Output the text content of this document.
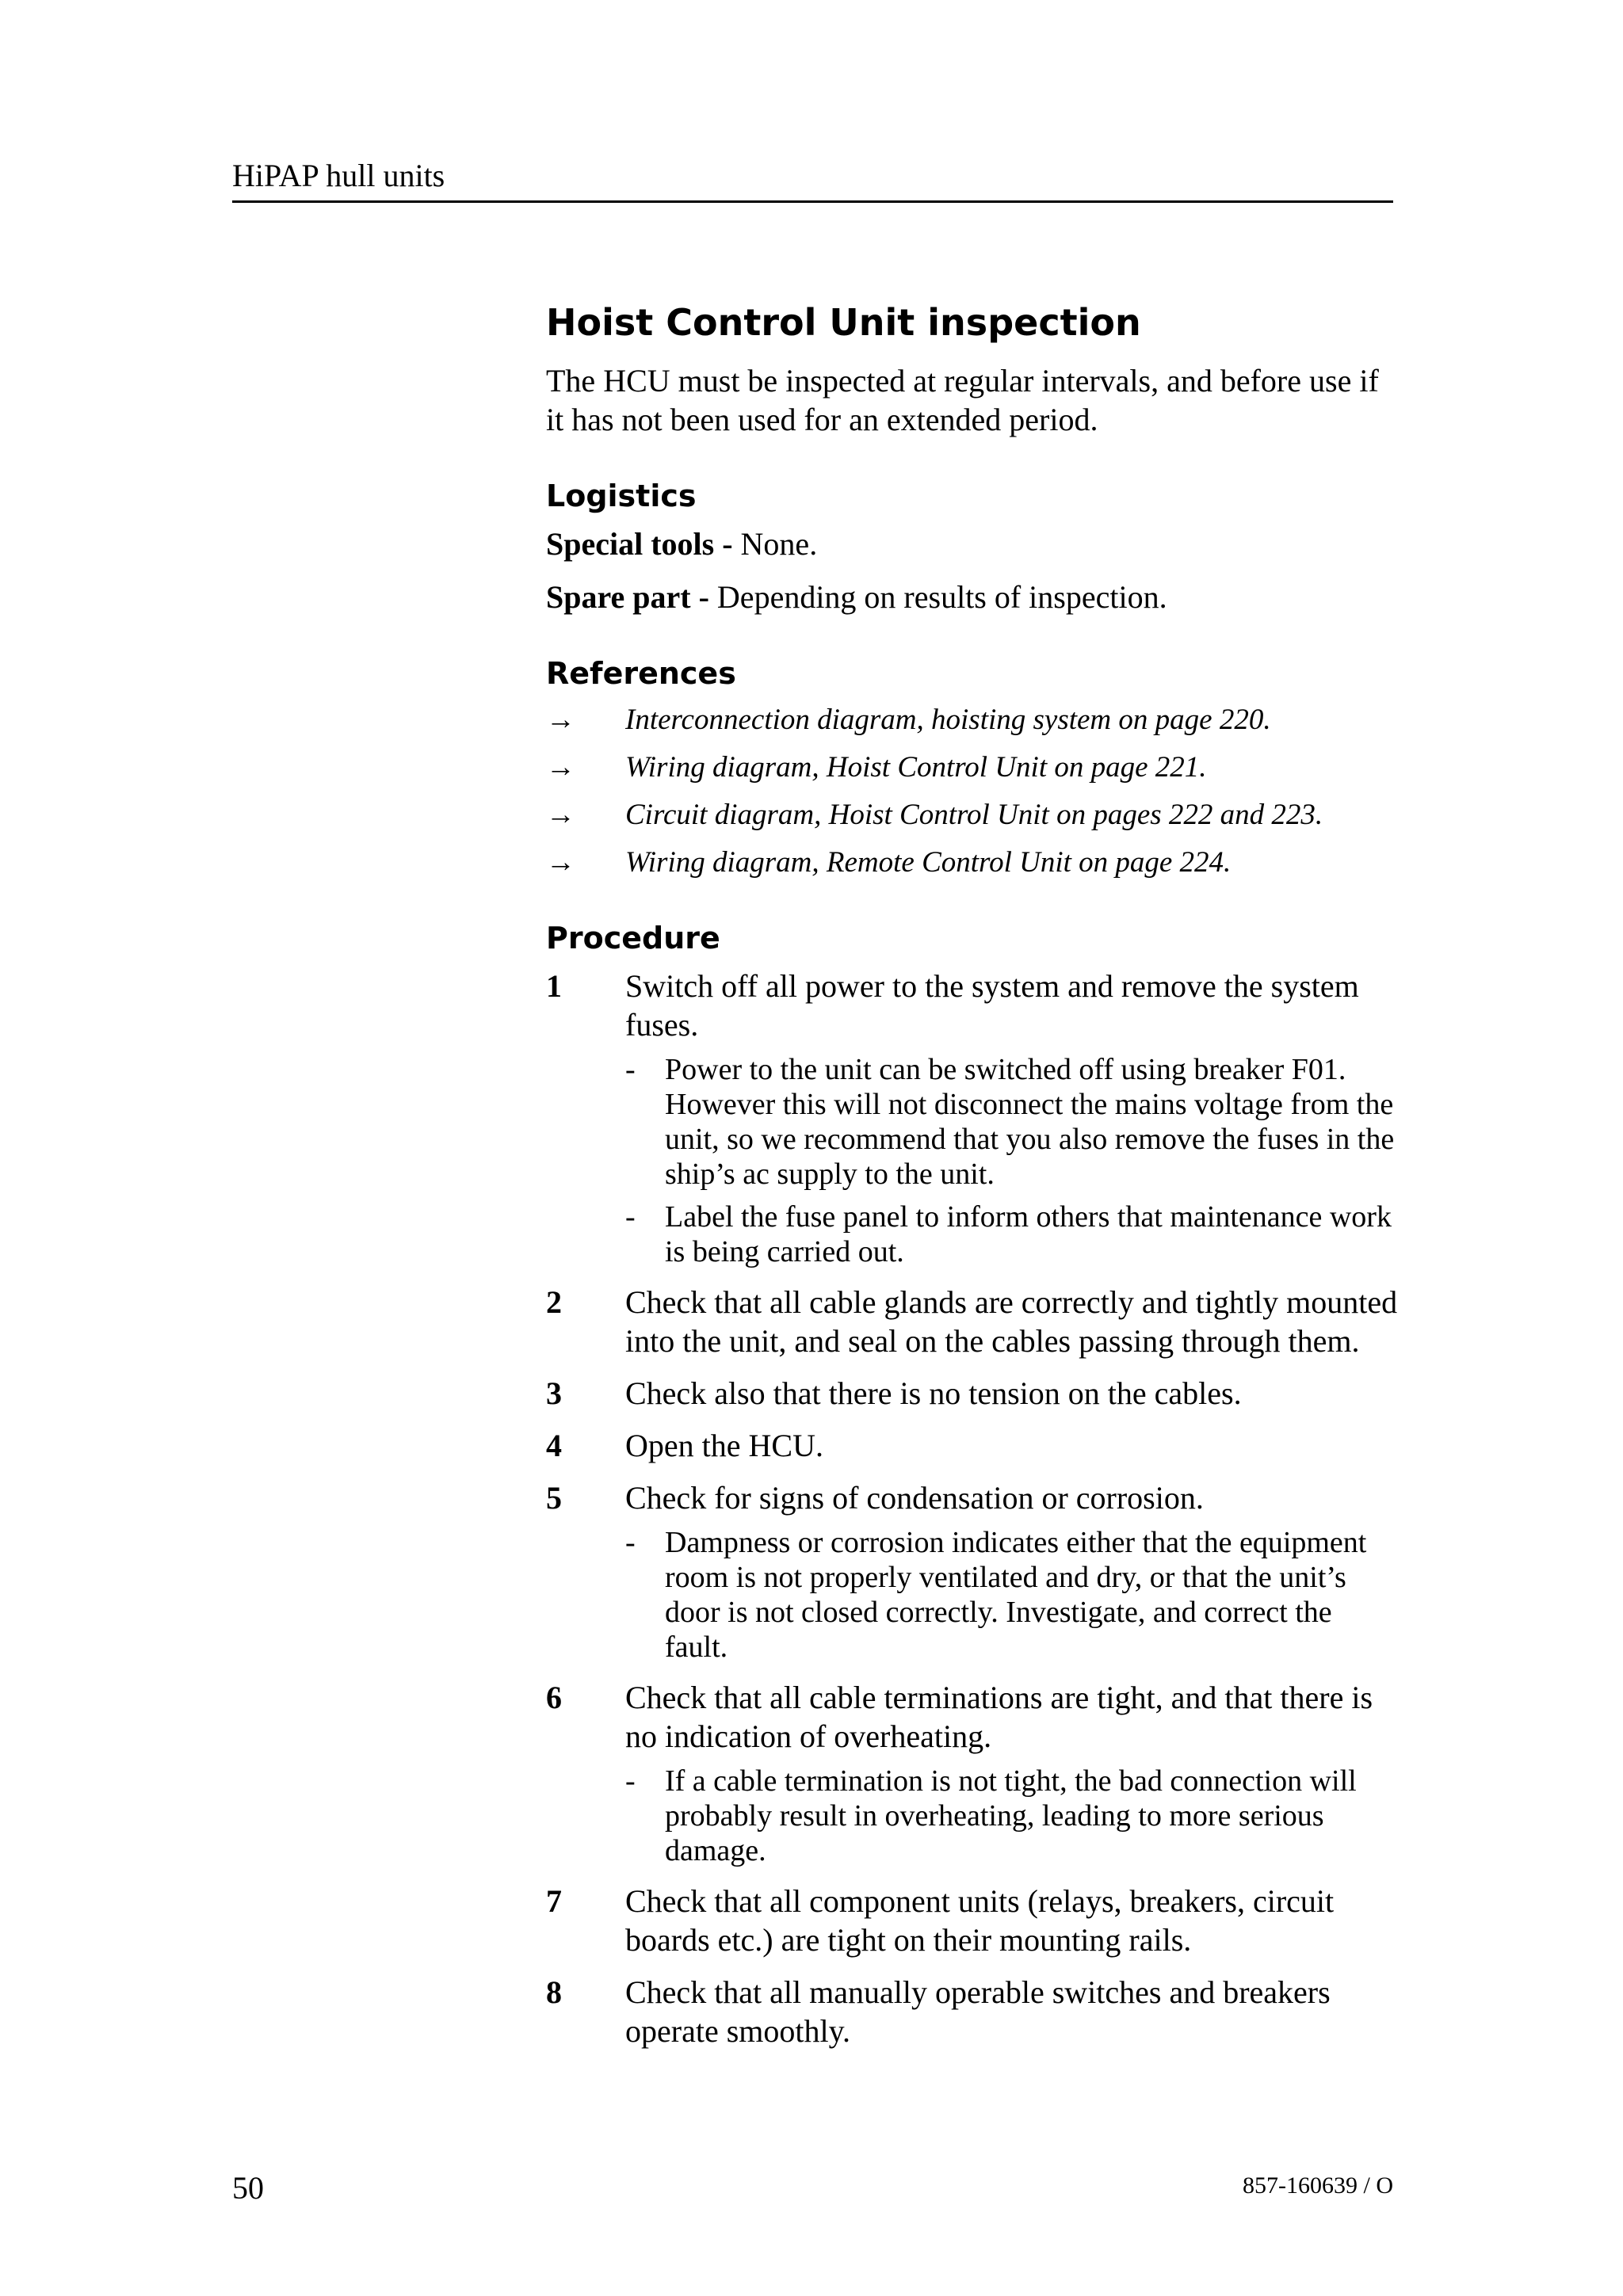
HiPAP hull units
Hoist Control Unit inspection

The HCU must be inspected at regular intervals, and before use if it has not been used for an extended period.

Logistics

Special tools - None.

Spare part - Depending on results of inspection.

References
→	Interconnection diagram, hoisting system on page 220.
→	Wiring diagram, Hoist Control Unit on page 221.
→	Circuit diagram, Hoist Control Unit on pages 222 and 223.
→	Wiring diagram, Remote Control Unit on page 224.
Procedure
1	Switch off all power to the system and remove the system fuses.
- Power to the unit can be switched off using breaker F01. However this will not disconnect the mains voltage from the unit, so we recommend that you also remove the fuses in the ship’s ac supply to the unit.
- Label the fuse panel to inform others that maintenance work is being carried out.
2	Check that all cable glands are correctly and tightly mounted into the unit, and seal on the cables passing through them.
3	Check also that there is no tension on the cables.
4	Open the HCU.
5	Check for signs of condensation or corrosion.
- Dampness or corrosion indicates either that the equipment room is not properly ventilated and dry, or that the unit’s door is not closed correctly. Investigate, and correct the fault.
6	Check that all cable terminations are tight, and that there is no indication of overheating.
- If a cable termination is not tight, the bad connection will probably result in overheating, leading to more serious damage.
7	Check that all component units (relays, breakers, circuit boards etc.) are tight on their mounting rails.
8	Check that all manually operable switches and breakers operate smoothly.
50	857-160639 / O
